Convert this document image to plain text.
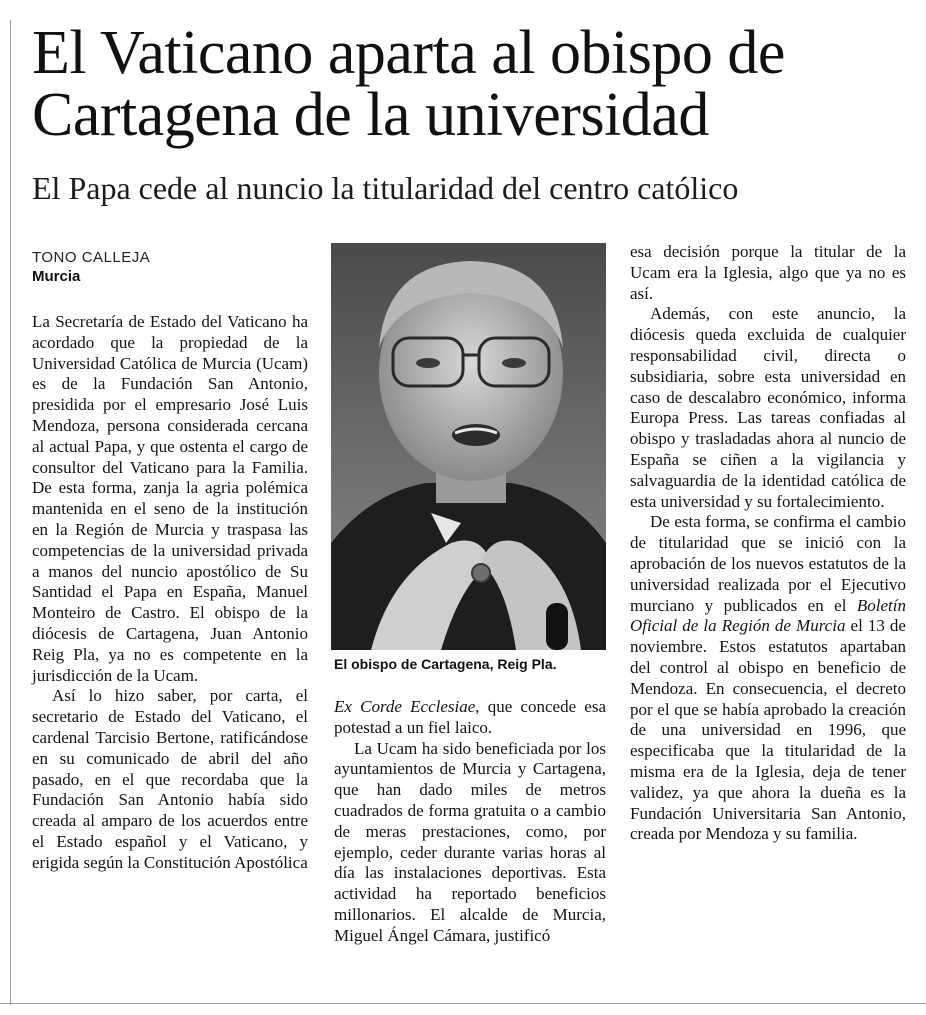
El Vaticano aparta al obispo de Cartagena de la universidad
El Papa cede al nuncio la titularidad del centro católico
TONO CALLEJA
Murcia

La Secretaría de Estado del Vaticano ha acordado que la propiedad de la Universidad Católica de Murcia (Ucam) es de la Fundación San Antonio, presidida por el empresario José Luis Mendoza, persona considerada cercana al actual Papa, y que ostenta el cargo de consultor del Vaticano para la Familia. De esta forma, zanja la agria polémica mantenida en el seno de la institución en la Región de Murcia y traspasa las competencias de la universidad privada a manos del nuncio apostólico de Su Santidad el Papa en España, Manuel Monteiro de Castro. El obispo de la diócesis de Cartagena, Juan Antonio Reig Pla, ya no es competente en la jurisdicción de la Ucam.

Así lo hizo saber, por carta, el secretario de Estado del Vaticano, el cardenal Tarcisio Bertone, ratificándose en su comunicado de abril del año pasado, en el que recordaba que la Fundación San Antonio había sido creada al amparo de los acuerdos entre el Estado español y el Vaticano, y erigida según la Constitución Apostólica

El obispo de Cartagena, Reig Pla.

Ex Corde Ecclesiae, que concede esa potestad a un fiel laico.

La Ucam ha sido beneficiada por los ayuntamientos de Murcia y Cartagena, que han dado miles de metros cuadrados de forma gratuita o a cambio de meras prestaciones, como, por ejemplo, ceder durante varias horas al día las instalaciones deportivas. Esta actividad ha reportado beneficios millonarios. El alcalde de Murcia, Miguel Ángel Cámara, justificó

esa decisión porque la titular de la Ucam era la Iglesia, algo que ya no es así.

Además, con este anuncio, la diócesis queda excluida de cualquier responsabilidad civil, directa o subsidiaria, sobre esta universidad en caso de descalabro económico, informa Europa Press. Las tareas confiadas al obispo y trasladadas ahora al nuncio de España se ciñen a la vigilancia y salvaguardia de la identidad católica de esta universidad y su fortalecimiento.

De esta forma, se confirma el cambio de titularidad que se inició con la aprobación de los nuevos estatutos de la universidad realizada por el Ejecutivo murciano y publicados en el Boletín Oficial de la Región de Murcia el 13 de noviembre. Estos estatutos apartaban del control al obispo en beneficio de Mendoza. En consecuencia, el decreto por el que se había aprobado la creación de una universidad en 1996, que especificaba que la titularidad de la misma era de la Iglesia, deja de tener validez, ya que ahora la dueña es la Fundación Universitaria San Antonio, creada por Mendoza y su familia.
